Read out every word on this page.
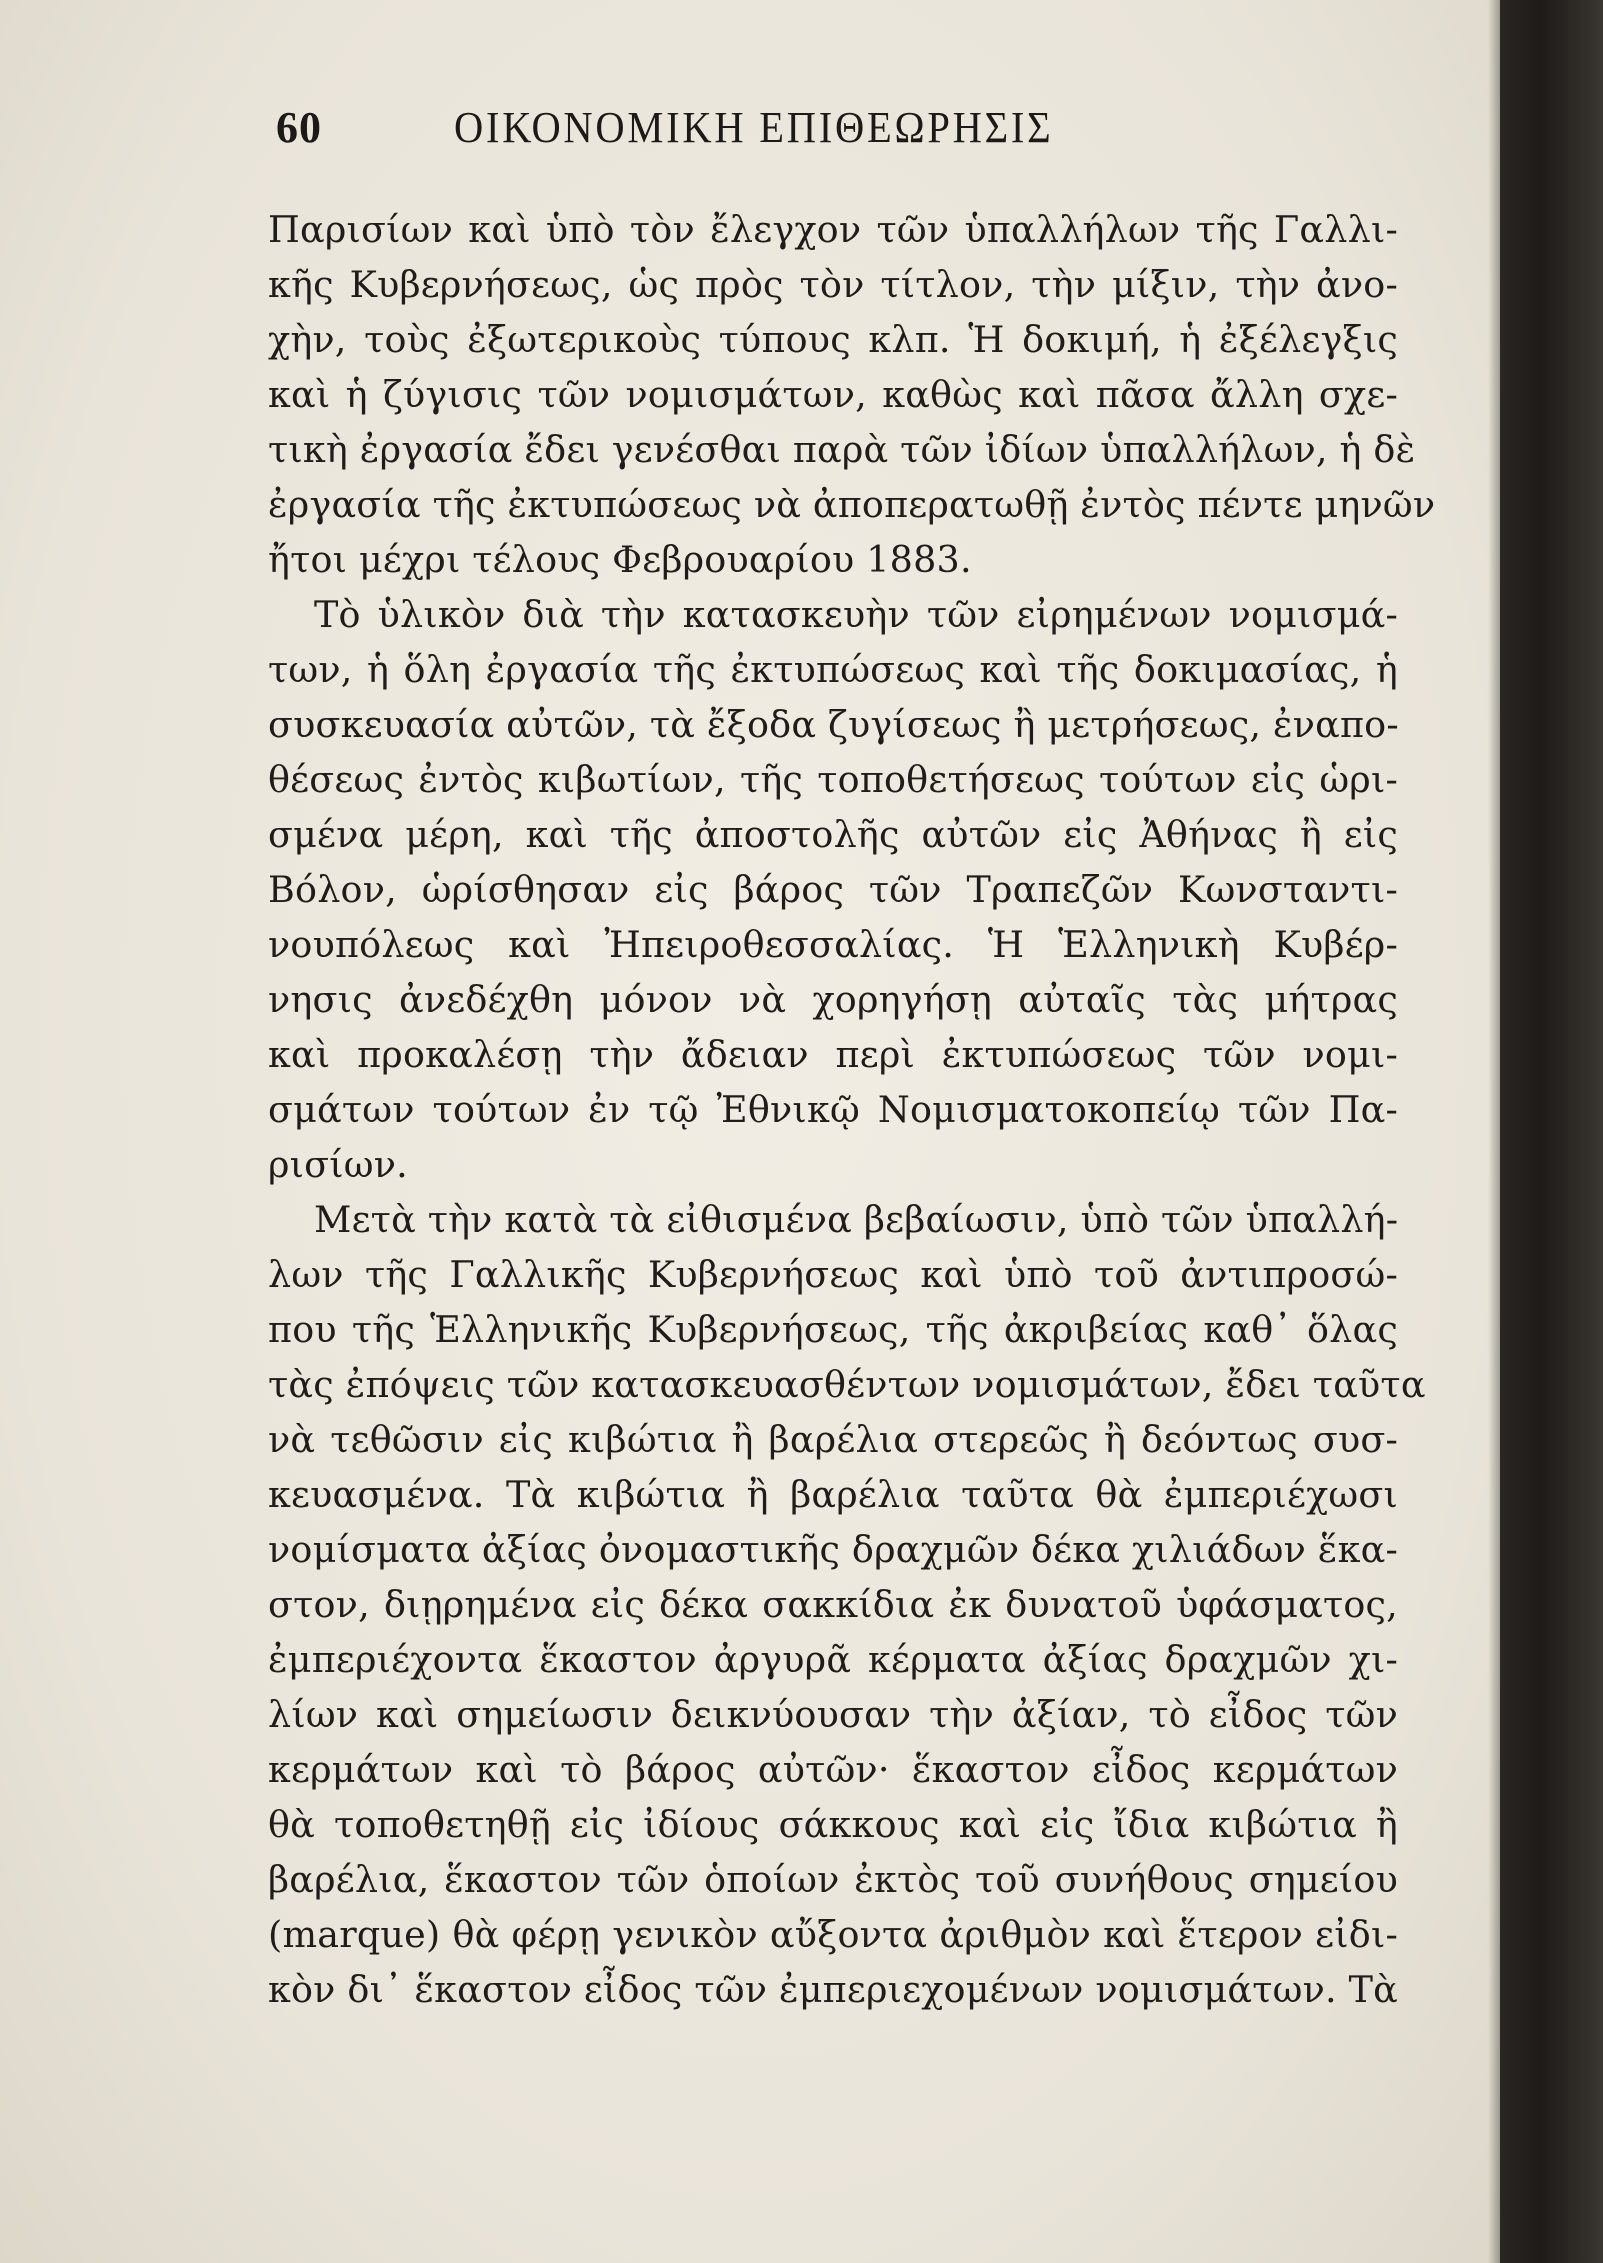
60	ΟΙΚΟΝΟΜΙΚΗ ΕΠΙΘΕΩΡΗΣΙΣ
Παρισίων καὶ ὑπὸ τὸν ἔλεγχον τῶν ὑπαλλήλων τῆς Γαλλι-
κῆς Κυβερνήσεως, ὡς πρὸς τὸν τίτλον, τὴν μίξιν, τὴν ἀνο-
χὴν, τοὺς ἐξωτερικοὺς τύπους κλπ. Ἡ δοκιμή, ἡ ἐξέλεγξις
καὶ ἡ ζύγισις τῶν νομισμάτων, καθὼς καὶ πᾶσα ἄλλη σχε-
τικὴ ἐργασία ἔδει γενέσθαι παρὰ τῶν ἰδίων ὑπαλλήλων, ἡ δὲ
ἐργασία τῆς ἐκτυπώσεως νὰ ἀποπερατωθῇ ἐντὸς πέντε μηνῶν
ἤτοι μέχρι τέλους Φεβρουαρίου 1883.
Τὸ ὑλικὸν διὰ τὴν κατασκευὴν τῶν εἰρημένων νομισμά-
των, ἡ ὅλη ἐργασία τῆς ἐκτυπώσεως καὶ τῆς δοκιμασίας, ἡ
συσκευασία αὐτῶν, τὰ ἔξοδα ζυγίσεως ἢ μετρήσεως, ἐναπο-
θέσεως ἐντὸς κιβωτίων, τῆς τοποθετήσεως τούτων εἰς ὡρι-
σμένα μέρη, καὶ τῆς ἀποστολῆς αὐτῶν εἰς Ἀθήνας ἢ εἰς
Βόλον, ὡρίσθησαν εἰς βάρος τῶν Τραπεζῶν Κωνσταντι-
νουπόλεως καὶ Ἠπειροθεσσαλίας. Ἡ Ἑλληνικὴ Κυβέρ-
νησις ἀνεδέχθη μόνον νὰ χορηγήσῃ αὐταῖς τὰς μήτρας
καὶ προκαλέσῃ τὴν ἄδειαν περὶ ἐκτυπώσεως τῶν νομι-
σμάτων τούτων ἐν τῷ Ἐθνικῷ Νομισματοκοπείῳ τῶν Πα-
ρισίων.
Μετὰ τὴν κατὰ τὰ εἰθισμένα βεβαίωσιν, ὑπὸ τῶν ὑπαλλή-
λων τῆς Γαλλικῆς Κυβερνήσεως καὶ ὑπὸ τοῦ ἀντιπροσώ-
που τῆς Ἑλληνικῆς Κυβερνήσεως, τῆς ἀκριβείας καθ᾽ ὅλας
τὰς ἐπόψεις τῶν κατασκευασθέντων νομισμάτων, ἔδει ταῦτα
νὰ τεθῶσιν εἰς κιβώτια ἢ βαρέλια στερεῶς ἢ δεόντως συσ-
κευασμένα. Τὰ κιβώτια ἢ βαρέλια ταῦτα θὰ ἐμπεριέχωσι
νομίσματα ἀξίας ὀνομαστικῆς δραχμῶν δέκα χιλιάδων ἕκα-
στον, διῃρημένα εἰς δέκα σακκίδια ἐκ δυνατοῦ ὑφάσματος,
ἐμπεριέχοντα ἕκαστον ἀργυρᾶ κέρματα ἀξίας δραχμῶν χι-
λίων καὶ σημείωσιν δεικνύουσαν τὴν ἀξίαν, τὸ εἶδος τῶν
κερμάτων καὶ τὸ βάρος αὐτῶν· ἕκαστον εἶδος κερμάτων
θὰ τοποθετηθῇ εἰς ἰδίους σάκκους καὶ εἰς ἴδια κιβώτια ἢ
βαρέλια, ἕκαστον τῶν ὁποίων ἐκτὸς τοῦ συνήθους σημείου
(marque) θὰ φέρῃ γενικὸν αὔξοντα ἀριθμὸν καὶ ἕτερον εἰδι-
κὸν δι᾽ ἕκαστον εἶδος τῶν ἐμπεριεχομένων νομισμάτων. Τὰ
